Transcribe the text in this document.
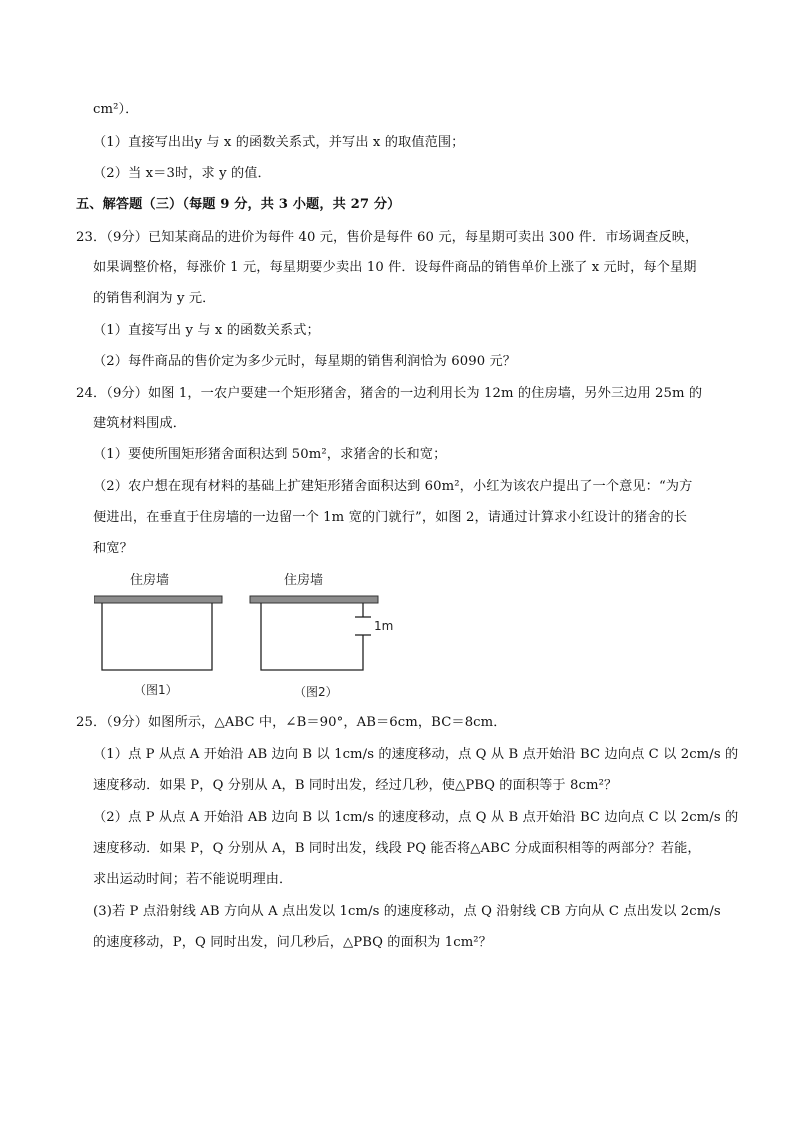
cm²）．
（1）直接写出出y 与 x 的函数关系式，并写出 x 的取值范围；
（2）当 x＝3时，求 y 的值．
五、解答题（三）（每题 9 分，共 3 小题，共 27 分）
23．（9分）已知某商品的进价为每件 40 元，售价是每件 60 元，每星期可卖出 300 件．市场调查反映，
如果调整价格，每涨价 1 元，每星期要少卖出 10 件．设每件商品的销售单价上涨了 x 元时，每个星期
的销售利润为 y 元．
（1）直接写出 y 与 x 的函数关系式；
（2）每件商品的售价定为多少元时，每星期的销售利润恰为 6090 元？
24．（9分）如图 1，一农户要建一个矩形猪舍，猪舍的一边利用长为 12m 的住房墙，另外三边用 25m 的
建筑材料围成．
（1）要使所围矩形猪舍面积达到 50m²，求猪舍的长和宽；
（2）农户想在现有材料的基础上扩建矩形猪舍面积达到 60m²，小红为该农户提出了一个意见：“为方
便进出，在垂直于住房墙的一边留一个 1m 宽的门就行”，如图 2，请通过计算求小红设计的猪舍的长
和宽？
住房墙
（图1）
1m
住房墙
（图2）
25．（9分）如图所示，△ABC 中，∠B＝90°，AB＝6cm，BC＝8cm．
（1）点 P 从点 A 开始沿 AB 边向 B 以 1cm/s 的速度移动，点 Q 从 B 点开始沿 BC 边向点 C 以 2cm/s 的
速度移动．如果 P，Q 分别从 A，B 同时出发，经过几秒，使△PBQ 的面积等于 8cm²？
（2）点 P 从点 A 开始沿 AB 边向 B 以 1cm/s 的速度移动，点 Q 从 B 点开始沿 BC 边向点 C 以 2cm/s 的
速度移动．如果 P，Q 分别从 A，B 同时出发，线段 PQ 能否将△ABC 分成面积相等的两部分？若能，
求出运动时间；若不能说明理由．
(3)若 P 点沿射线 AB 方向从 A 点出发以 1cm/s 的速度移动，点 Q 沿射线 CB 方向从 C 点出发以 2cm/s
的速度移动，P，Q 同时出发，问几秒后，△PBQ 的面积为 1cm²？
